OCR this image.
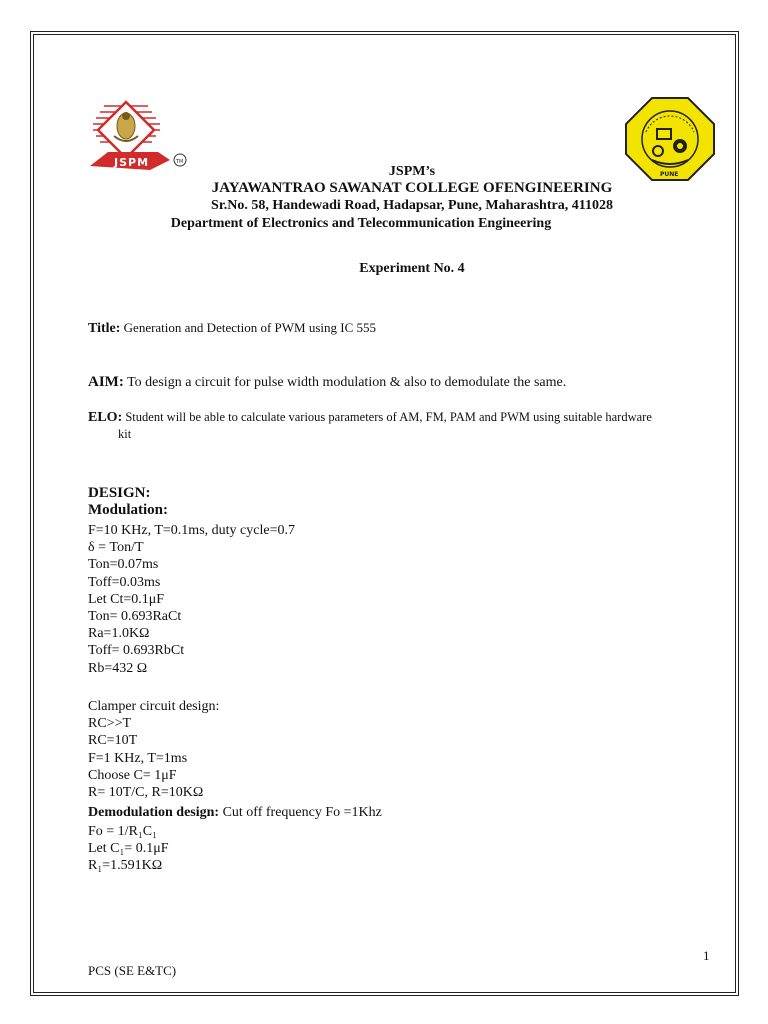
JSPM	TM
PUNE
JSPM’s
JAYAWANTRAO SAWANAT COLLEGE OFENGINEERING
Sr.No. 58, Handewadi Road, Hadapsar, Pune, Maharashtra, 411028
Department of Electronics and Telecommunication Engineering
Experiment No. 4
Title: Generation and Detection of PWM using IC 555
AIM: To design a circuit for pulse width modulation & also to demodulate the same.
ELO: Student will be able to calculate various parameters of AM, FM, PAM and PWM using suitable hardware
kit
DESIGN:
Modulation:
F=10 KHz, T=0.1ms, duty cycle=0.7
δ = Ton/T
Ton=0.07ms
Toff=0.03ms
Let Ct=0.1μF
Ton= 0.693RaCt
Ra=1.0KΩ
Toff= 0.693RbCt
Rb=432 Ω
Clamper circuit design:
RC>>T
RC=10T
F=1 KHz, T=1ms
Choose C= 1μF
R= 10T/C, R=10KΩ
Demodulation design: Cut off frequency Fo =1Khz
Fo = 1/R₁C₁
Let C₁= 0.1μF
R₁=1.591KΩ
1
PCS (SE E&TC)
